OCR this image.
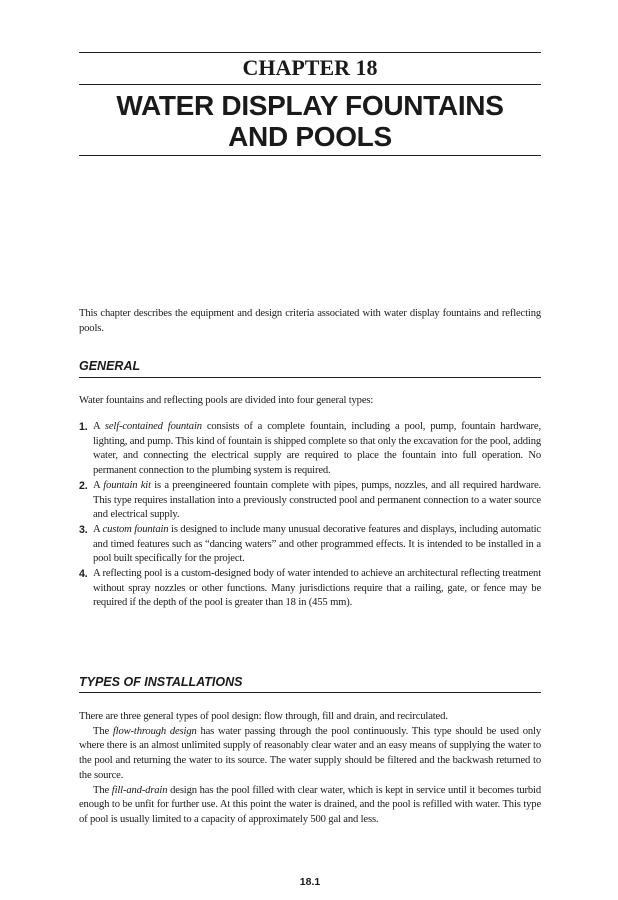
CHAPTER 18
WATER DISPLAY FOUNTAINS
AND POOLS
This chapter describes the equipment and design criteria associated with water display fountains and reflecting pools.
GENERAL
Water fountains and reflecting pools are divided into four general types:
1. A self-contained fountain consists of a complete fountain, including a pool, pump, fountain hardware, lighting, and pump. This kind of fountain is shipped complete so that only the excavation for the pool, adding water, and connecting the electrical supply are required to place the fountain into full operation. No permanent connection to the plumbing system is required.
2. A fountain kit is a preengineered fountain complete with pipes, pumps, nozzles, and all required hardware. This type requires installation into a previously constructed pool and permanent connection to a water source and electrical supply.
3. A custom fountain is designed to include many unusual decorative features and displays, including automatic and timed features such as “dancing waters” and other programmed effects. It is intended to be installed in a pool built specifically for the project.
4. A reflecting pool is a custom-designed body of water intended to achieve an architectural reflecting treatment without spray nozzles or other functions. Many jurisdictions require that a railing, gate, or fence may be required if the depth of the pool is greater than 18 in (455 mm).
TYPES OF INSTALLATIONS

There are three general types of pool design: flow through, fill and drain, and recirculated.

The flow-through design has water passing through the pool continuously. This type should be used only where there is an almost unlimited supply of reasonably clear water and an easy means of supplying the water to the pool and returning the water to its source. The water supply should be filtered and the backwash returned to the source.

The fill-and-drain design has the pool filled with clear water, which is kept in service until it becomes turbid enough to be unfit for further use. At this point the water is drained, and the pool is refilled with water. This type of pool is usually limited to a capacity of approximately 500 gal and less.

18.1
